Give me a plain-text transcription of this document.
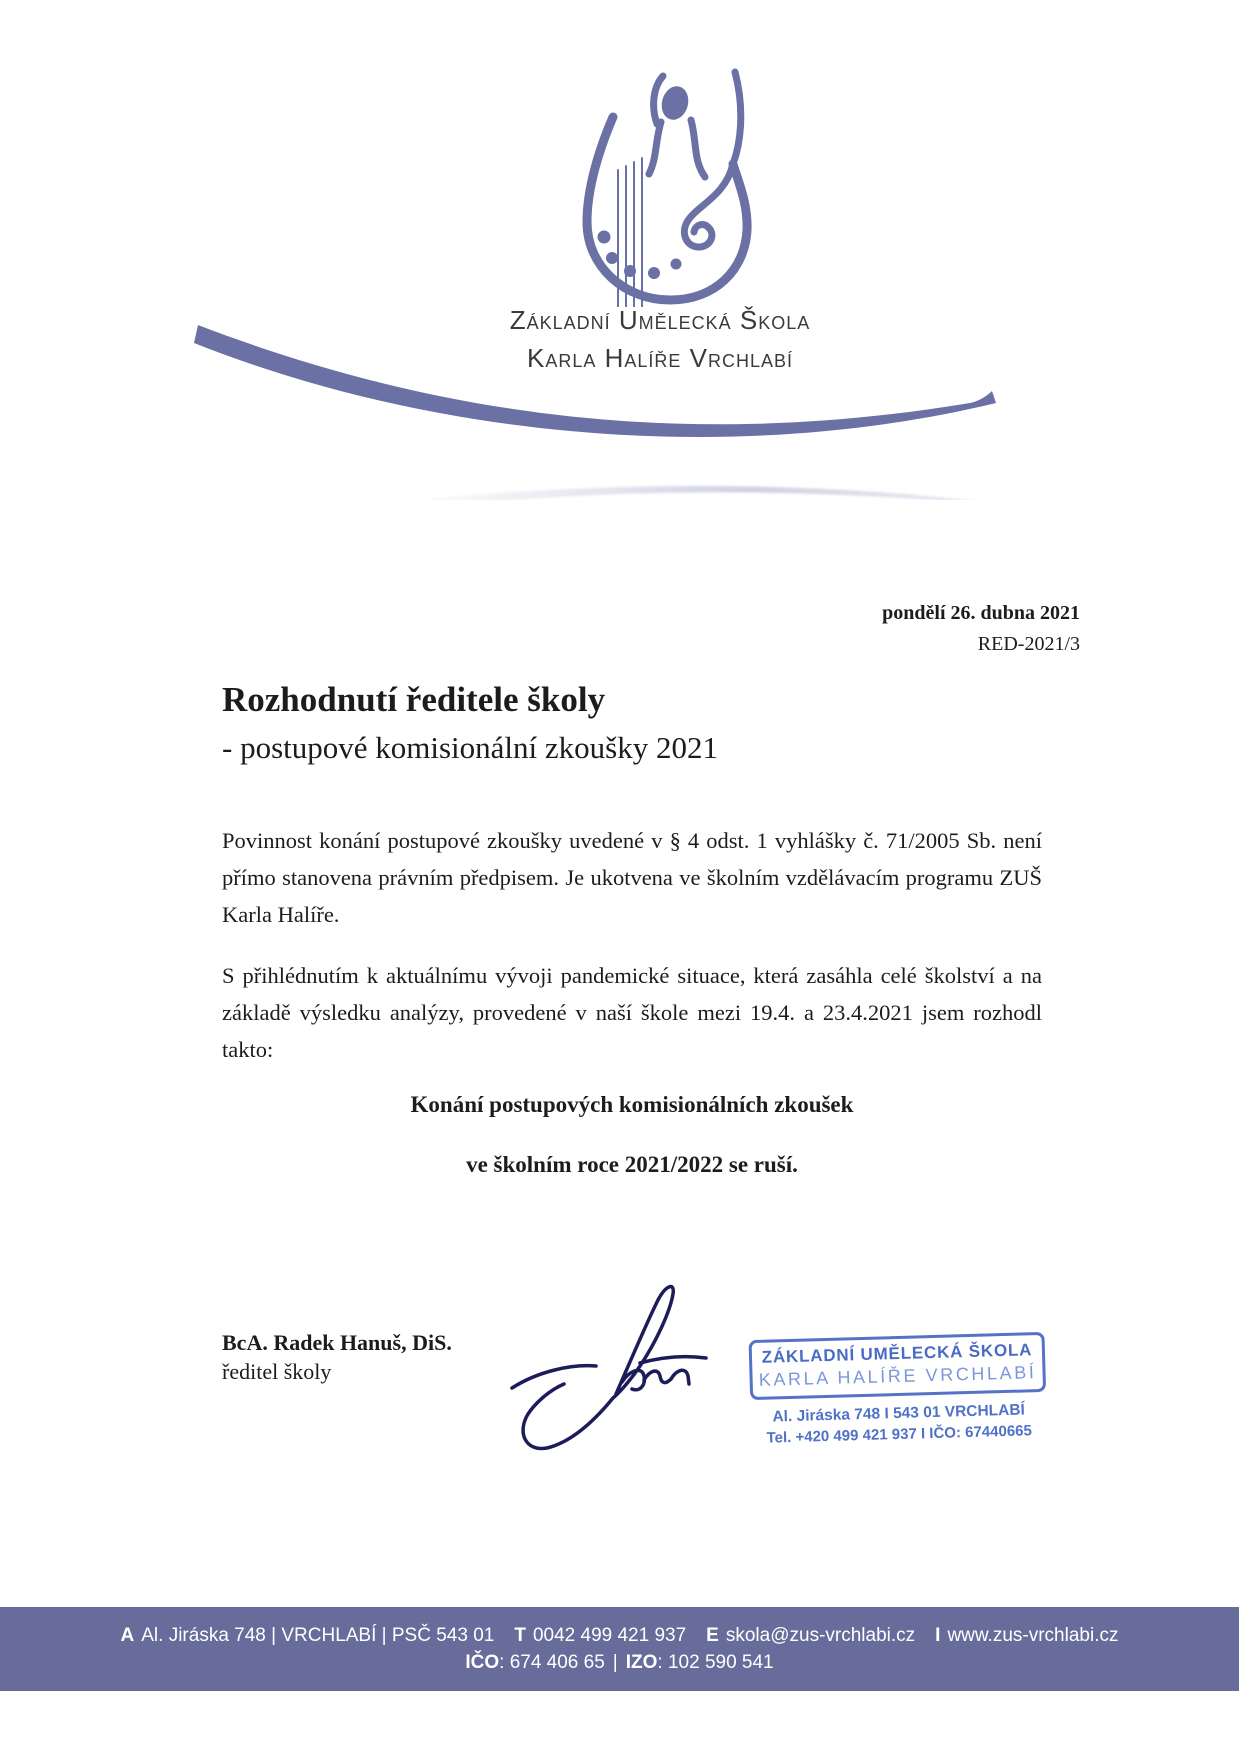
Základní Umělecká Škola
Karla Halíře Vrchlabí
pondělí 26. dubna 2021
RED-2021/3
Rozhodnutí ředitele školy
- postupové komisionální zkoušky 2021

Povinnost konání postupové zkoušky uvedené v § 4 odst. 1 vyhlášky č. 71/2005 Sb. není přímo stanovena právním předpisem. Je ukotvena ve školním vzdělávacím programu ZUŠ Karla Halíře.

S přihlédnutím k aktuálnímu vývoji pandemické situace, která zasáhla celé školství a na základě výsledku analýzy, provedené v naší škole mezi 19.4. a 23.4.2021 jsem rozhodl takto:

Konání postupových komisionálních zkoušek
ve školním roce 2021/2022 se ruší.
BcA. Radek Hanuš, DiS.
ředitel školy
ZÁKLADNÍ UMĚLECKÁ ŠKOLA
KARLA HALÍŘE VRCHLABÍ
Al. Jiráska 748 I 543 01 VRCHLABÍ
Tel. +420 499 421 937 I IČO: 67440665
A Al. Jiráska 748 | VRCHLABÍ | PSČ 543 01 T 0042 499 421 937 E skola@zus-vrchlabi.cz I www.zus-vrchlabi.cz
IČO : 674 406 65 | IZO : 102 590 541
